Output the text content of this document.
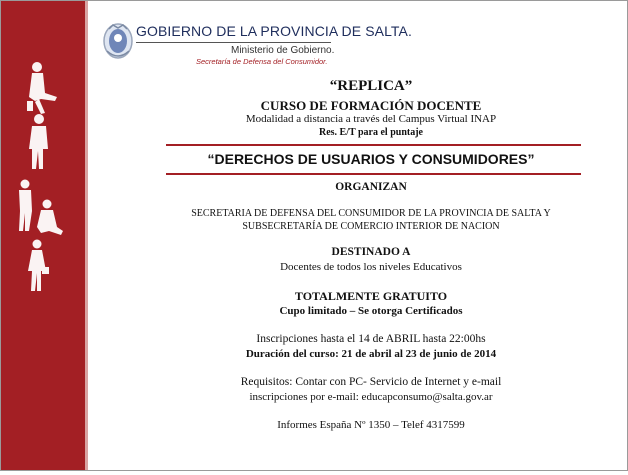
GOBIERNO DE LA PROVINCIA DE SALTA.
Ministerio de Gobierno.
Secretaría de Defensa del Consumidor.
“REPLICA”
CURSO DE FORMACIÓN DOCENTE
Modalidad a distancia a través del Campus Virtual INAP
Res. E/T para el puntaje
“DERECHOS DE USUARIOS Y CONSUMIDORES”
ORGANIZAN
SECRETARIA DE DEFENSA DEL CONSUMIDOR DE LA PROVINCIA DE SALTA Y
SUBSECRETARÍA DE COMERCIO INTERIOR DE NACION
DESTINADO A
Docentes de todos los niveles Educativos
TOTALMENTE GRATUITO
Cupo limitado – Se otorga Certificados
Inscripciones hasta el 14 de ABRIL hasta 22:00hs
Duración del curso: 21 de abril al 23 de junio de 2014
Requisitos: Contar con PC- Servicio de Internet y e-mail
inscripciones por e-mail: educapconsumo@salta.gov.ar
Informes España Nº 1350 – Telef 4317599
